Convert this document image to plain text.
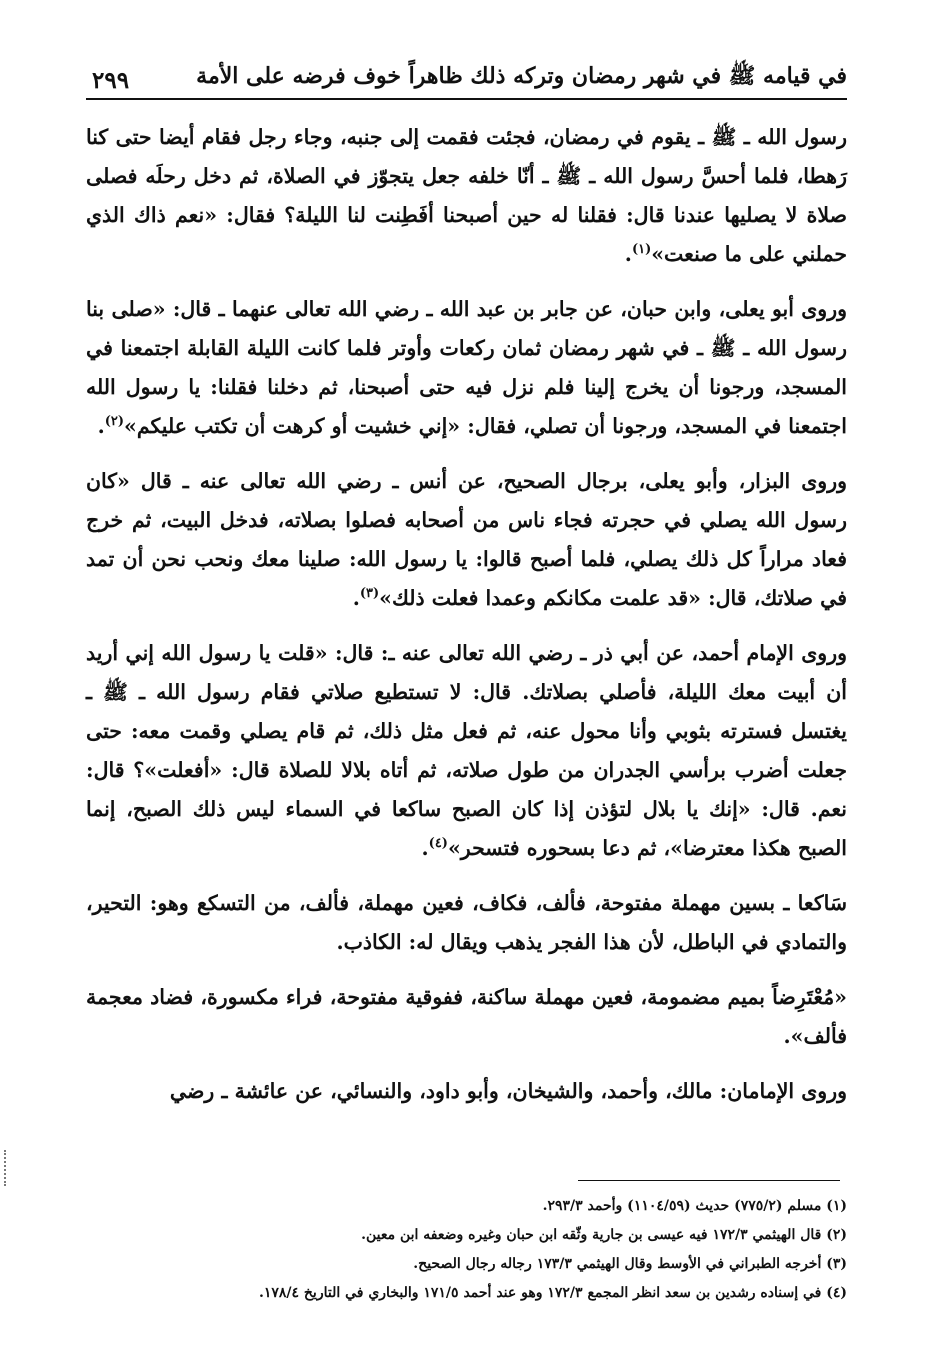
في قيامه ﷺ في شهر رمضان وتركه ذلك ظاهراً خوف فرضه على الأمة
٢٩٩

رسول الله ـ ﷺ ـ يقوم في رمضان، فجئت فقمت إلى جنبه، وجاء رجل فقام أيضا حتى كنا رَهطا، فلما أحسَّ رسول الله ـ ﷺ ـ أنّا خلفه جعل يتجوّز في الصلاة، ثم دخل رحلَه فصلى صلاة لا يصليها عندنا قال: فقلنا له حين أصبحنا أفَطِنت لنا الليلة؟ فقال: «نعم ذاك الذي حملني على ما صنعت»$^{(١)}$.

وروى أبو يعلى، وابن حبان، عن جابر بن عبد الله ـ رضي الله تعالى عنهما ـ قال: «صلى بنا رسول الله ـ ﷺ ـ في شهر رمضان ثمان ركعات وأوتر فلما كانت الليلة القابلة اجتمعنا في المسجد، ورجونا أن يخرج إلينا فلم نزل فيه حتى أصبحنا، ثم دخلنا فقلنا: يا رسول الله اجتمعنا في المسجد، ورجونا أن تصلي، فقال: «إني خشيت أو كرهت أن تكتب عليكم»$^{(٢)}$.

وروى البزار، وأبو يعلى، برجال الصحيح، عن أنس ـ رضي الله تعالى عنه ـ قال «كان رسول الله يصلي في حجرته فجاء ناس من أصحابه فصلوا بصلاته، فدخل البيت، ثم خرج فعاد مراراً كل ذلك يصلي، فلما أصبح قالوا: يا رسول الله: صلينا معك ونحب نحن أن تمد في صلاتك، قال: «قد علمت مكانكم وعمدا فعلت ذلك»$^{(٣)}$.

وروى الإمام أحمد، عن أبي ذر ـ رضي الله تعالى عنه ـ: قال: «قلت يا رسول الله إني أريد أن أبيت معك الليلة، فأصلي بصلاتك. قال: لا تستطيع صلاتي فقام رسول الله ـ ﷺ ـ يغتسل فسترته بثوبي وأنا محول عنه، ثم فعل مثل ذلك، ثم قام يصلي وقمت معه: حتى جعلت أضرب برأسي الجدران من طول صلاته، ثم أتاه بلالا للصلاة قال: «أفعلت»؟ قال: نعم. قال: «إنك يا بلال لتؤذن إذا كان الصبح ساكعا في السماء ليس ذلك الصبح، إنما الصبح هكذا معترضا»، ثم دعا بسحوره فتسحر»$^{(٤)}$.

سَاكعا ـ بسين مهملة مفتوحة، فألف، فكاف، فعين مهملة، فألف، من التسكع وهو: التحير، والتمادي في الباطل، لأن هذا الفجر يذهب ويقال له: الكاذب.

«مُعْتَرِضاً بميم مضمومة، فعين مهملة ساكنة، ففوقية مفتوحة، فراء مكسورة، فضاد معجمة فألف».

وروى الإمامان: مالك، وأحمد، والشيخان، وأبو داود، والنسائي، عن عائشة ـ رضي

(١) مسلم (٧٧٥/٢) حديث (١١٠٤/٥٩) وأحمد ٢٩٣/٣.
(٢) قال الهيثمي ١٧٢/٣ فيه عيسى بن جارية وثّقه ابن حبان وغيره وضعفه ابن معين.
(٣) أخرجه الطبراني في الأوسط وقال الهيثمي ١٧٣/٣ رجاله رجال الصحيح.
(٤) في إسناده رشدين بن سعد انظر المجمع ١٧٢/٣ وهو عند أحمد ١٧١/٥ والبخاري في التاريخ ١٧٨/٤.
